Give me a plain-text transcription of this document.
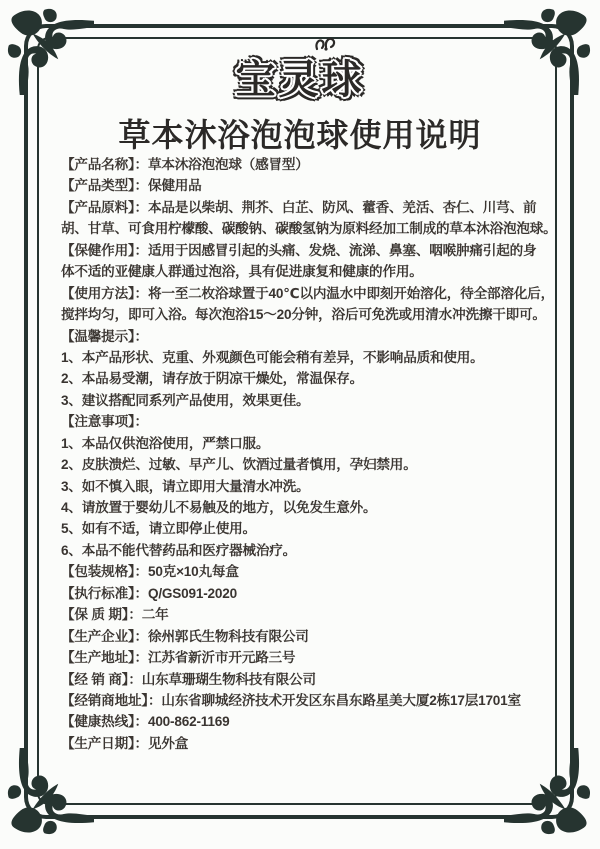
宝灵球
草本沐浴泡泡球使用说明
【产品名称】：草本沐浴泡泡球（感冒型）
【产品类型】：保健用品
【产品原料】：本品是以柴胡、荆芥、白芷、防风、藿香、羌活、杏仁、川芎、前
胡、甘草、可食用柠檬酸、碳酸钠、碳酸氢钠为原料经加工制成的草本沐浴泡泡球。
【保健作用】：适用于因感冒引起的头痛、发烧、流涕、鼻塞、咽喉肿痛引起的身
体不适的亚健康人群通过泡浴，具有促进康复和健康的作用。
【使用方法】：将一至二枚浴球置于40℃以内温水中即刻开始溶化，待全部溶化后，
搅拌均匀，即可入浴。每次泡浴15～20分钟，浴后可免洗或用清水冲洗擦干即可。
【温馨提示】：
1、本产品形状、克重、外观颜色可能会稍有差异，不影响品质和使用。
2、本品易受潮，请存放于阴凉干燥处，常温保存。
3、建议搭配同系列产品使用，效果更佳。
【注意事项】：
1、本品仅供泡浴使用，严禁口服。
2、皮肤溃烂、过敏、早产儿、饮酒过量者慎用，孕妇禁用。
3、如不慎入眼，请立即用大量清水冲洗。
4、请放置于婴幼儿不易触及的地方，以免发生意外。
5、如有不适，请立即停止使用。
6、本品不能代替药品和医疗器械治疗。
【包装规格】：50克×10丸每盒
【执行标准】：Q/GS091-2020
【保 质 期】：二年
【生产企业】：徐州郭氏生物科技有限公司
【生产地址】：江苏省新沂市开元路三号
【经 销 商】：山东草珊瑚生物科技有限公司
【经销商地址】：山东省聊城经济技术开发区东昌东路星美大厦2栋17层1701室
【健康热线】：400-862-1169
【生产日期】：见外盒
